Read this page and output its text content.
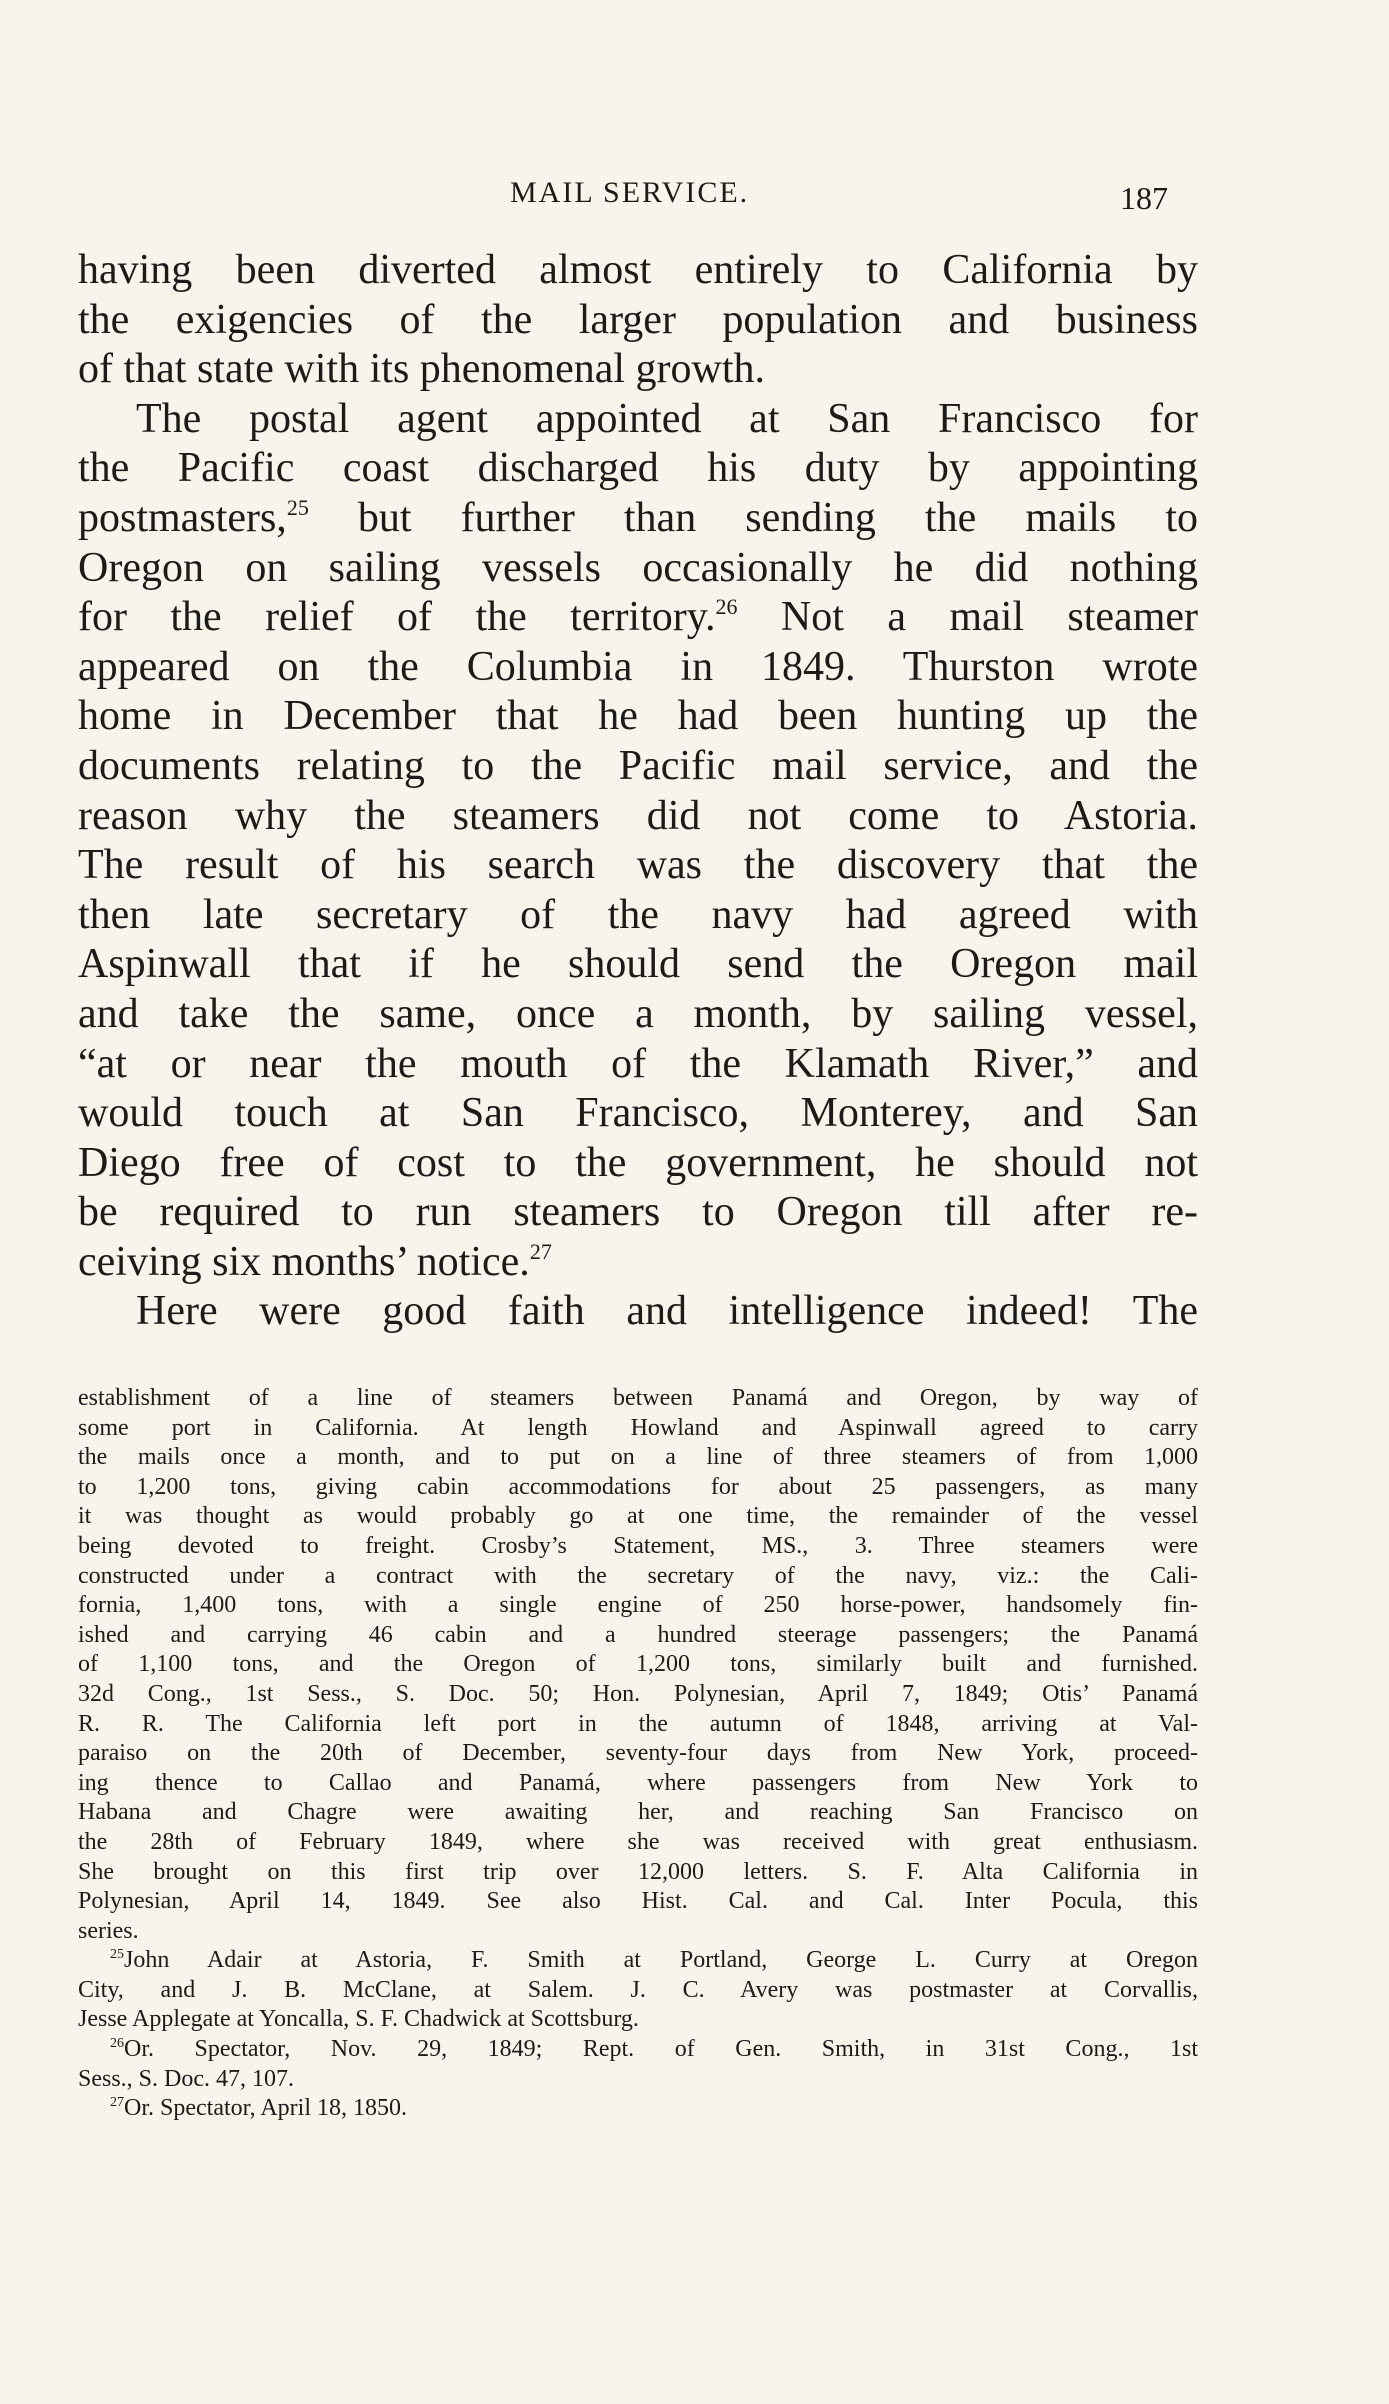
MAIL SERVICE.	187
having been diverted almost entirely to California by
the exigencies of the larger population and business
of that state with its phenomenal growth.
The postal agent appointed at San Francisco for
the Pacific coast discharged his duty by appointing
postmasters,$^{25}$ but further than sending the mails to
Oregon on sailing vessels occasionally he did nothing
for the relief of the territory.$^{26}$ Not a mail steamer
appeared on the Columbia in 1849. Thurston wrote
home in December that he had been hunting up the
documents relating to the Pacific mail service, and the
reason why the steamers did not come to Astoria.
The result of his search was the discovery that the
then late secretary of the navy had agreed with
Aspinwall that if he should send the Oregon mail
and take the same, once a month, by sailing vessel,
“at or near the mouth of the Klamath River,” and
would touch at San Francisco, Monterey, and San
Diego free of cost to the government, he should not
be required to run steamers to Oregon till after re-
ceiving six months’ notice.$^{27}$
Here were good faith and intelligence indeed! The
establishment of a line of steamers between Panamá and Oregon, by way of
some port in California. At length Howland and Aspinwall agreed to carry
the mails once a month, and to put on a line of three steamers of from 1,000
to 1,200 tons, giving cabin accommodations for about 25 passengers, as many
it was thought as would probably go at one time, the remainder of the vessel
being devoted to freight. Crosby’s Statement, MS., 3. Three steamers were
constructed under a contract with the secretary of the navy, viz.: the Cali-
fornia, 1,400 tons, with a single engine of 250 horse-power, handsomely fin-
ished and carrying 46 cabin and a hundred steerage passengers; the Panamá
of 1,100 tons, and the Oregon of 1,200 tons, similarly built and furnished.
32d Cong., 1st Sess., S. Doc. 50; Hon. Polynesian, April 7, 1849; Otis’ Panamá
R. R. The California left port in the autumn of 1848, arriving at Val-
paraiso on the 20th of December, seventy-four days from New York, proceed-
ing thence to Callao and Panamá, where passengers from New York to
Habana and Chagre were awaiting her, and reaching San Francisco on
the 28th of February 1849, where she was received with great enthusiasm.
She brought on this first trip over 12,000 letters. S. F. Alta California in
Polynesian, April 14, 1849. See also Hist. Cal. and Cal. Inter Pocula, this
series.
$^{25}$John Adair at Astoria, F. Smith at Portland, George L. Curry at Oregon
City, and J. B. McClane, at Salem. J. C. Avery was postmaster at Corvallis,
Jesse Applegate at Yoncalla, S. F. Chadwick at Scottsburg.
$^{26}$Or. Spectator, Nov. 29, 1849; Rept. of Gen. Smith, in 31st Cong., 1st
Sess., S. Doc. 47, 107.
$^{27}$Or. Spectator, April 18, 1850.
